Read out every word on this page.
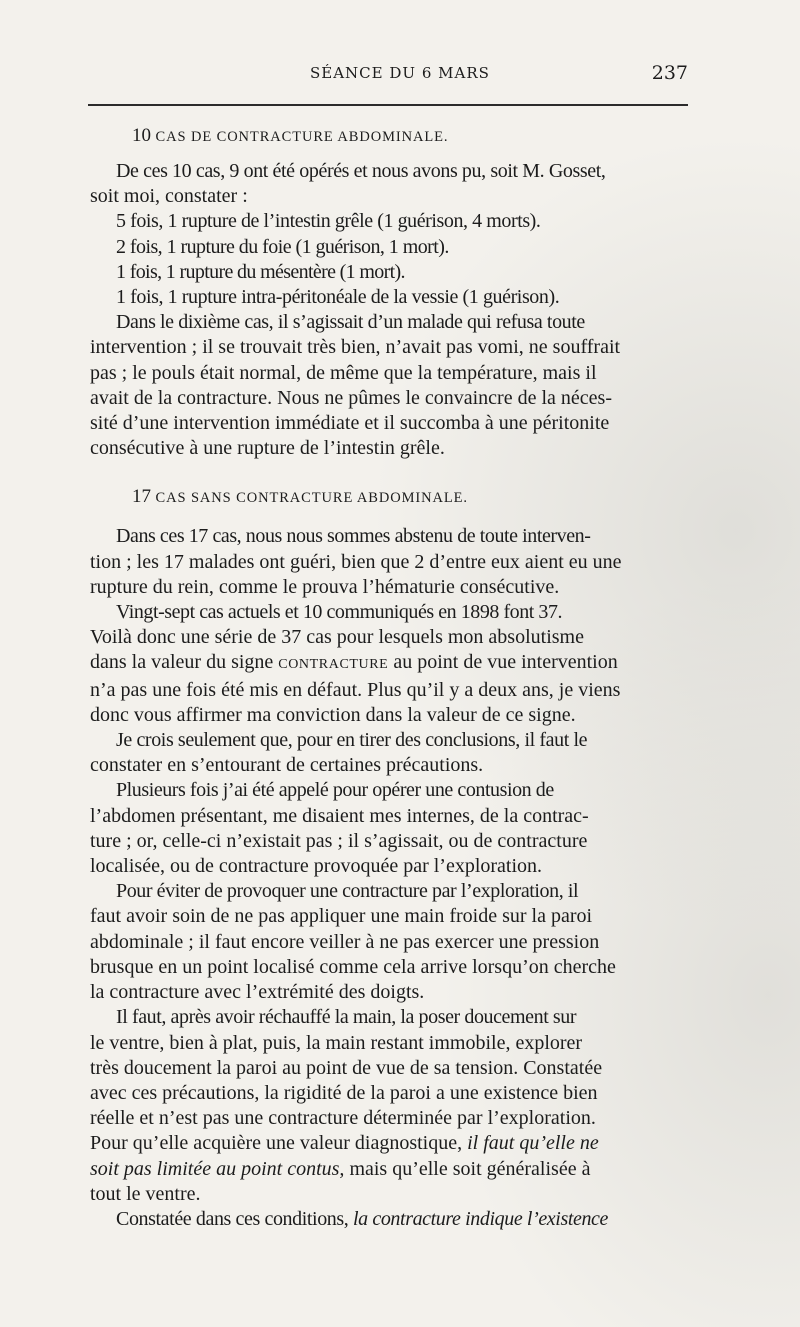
SÉANCE DU 6 MARS	237
10 CAS DE CONTRACTURE ABDOMINALE.
De ces 10 cas, 9 ont été opérés et nous avons pu, soit M. Gosset,
soit moi, constater :
5 fois, 1 rupture de l’intestin grêle (1 guérison, 4 morts).
2 fois, 1 rupture du foie (1 guérison, 1 mort).
1 fois, 1 rupture du mésentère (1 mort).
1 fois, 1 rupture intra-péritonéale de la vessie (1 guérison).
Dans le dixième cas, il s’agissait d’un malade qui refusa toute
intervention ; il se trouvait très bien, n’avait pas vomi, ne souffrait
pas ; le pouls était normal, de même que la température, mais il
avait de la contracture. Nous ne pûmes le convaincre de la néces-
sité d’une intervention immédiate et il succomba à une péritonite
consécutive à une rupture de l’intestin grêle.
17 CAS SANS CONTRACTURE ABDOMINALE.
Dans ces 17 cas, nous nous sommes abstenu de toute interven-
tion ; les 17 malades ont guéri, bien que 2 d’entre eux aient eu une
rupture du rein, comme le prouva l’hématurie consécutive.
Vingt-sept cas actuels et 10 communiqués en 1898 font 37.
Voilà donc une série de 37 cas pour lesquels mon absolutisme
dans la valeur du signe CONTRACTURE au point de vue intervention
n’a pas une fois été mis en défaut. Plus qu’il y a deux ans, je viens
donc vous affirmer ma conviction dans la valeur de ce signe.
Je crois seulement que, pour en tirer des conclusions, il faut le
constater en s’entourant de certaines précautions.
Plusieurs fois j’ai été appelé pour opérer une contusion de
l’abdomen présentant, me disaient mes internes, de la contrac-
ture ; or, celle-ci n’existait pas ; il s’agissait, ou de contracture
localisée, ou de contracture provoquée par l’exploration.
Pour éviter de provoquer une contracture par l’exploration, il
faut avoir soin de ne pas appliquer une main froide sur la paroi
abdominale ; il faut encore veiller à ne pas exercer une pression
brusque en un point localisé comme cela arrive lorsqu’on cherche
la contracture avec l’extrémité des doigts.
Il faut, après avoir réchauffé la main, la poser doucement sur
le ventre, bien à plat, puis, la main restant immobile, explorer
très doucement la paroi au point de vue de sa tension. Constatée
avec ces précautions, la rigidité de la paroi a une existence bien
réelle et n’est pas une contracture déterminée par l’exploration.
Pour qu’elle acquière une valeur diagnostique, il faut qu’elle ne
soit pas limitée au point contus, mais qu’elle soit généralisée à
tout le ventre.
Constatée dans ces conditions, la contracture indique l’existence
